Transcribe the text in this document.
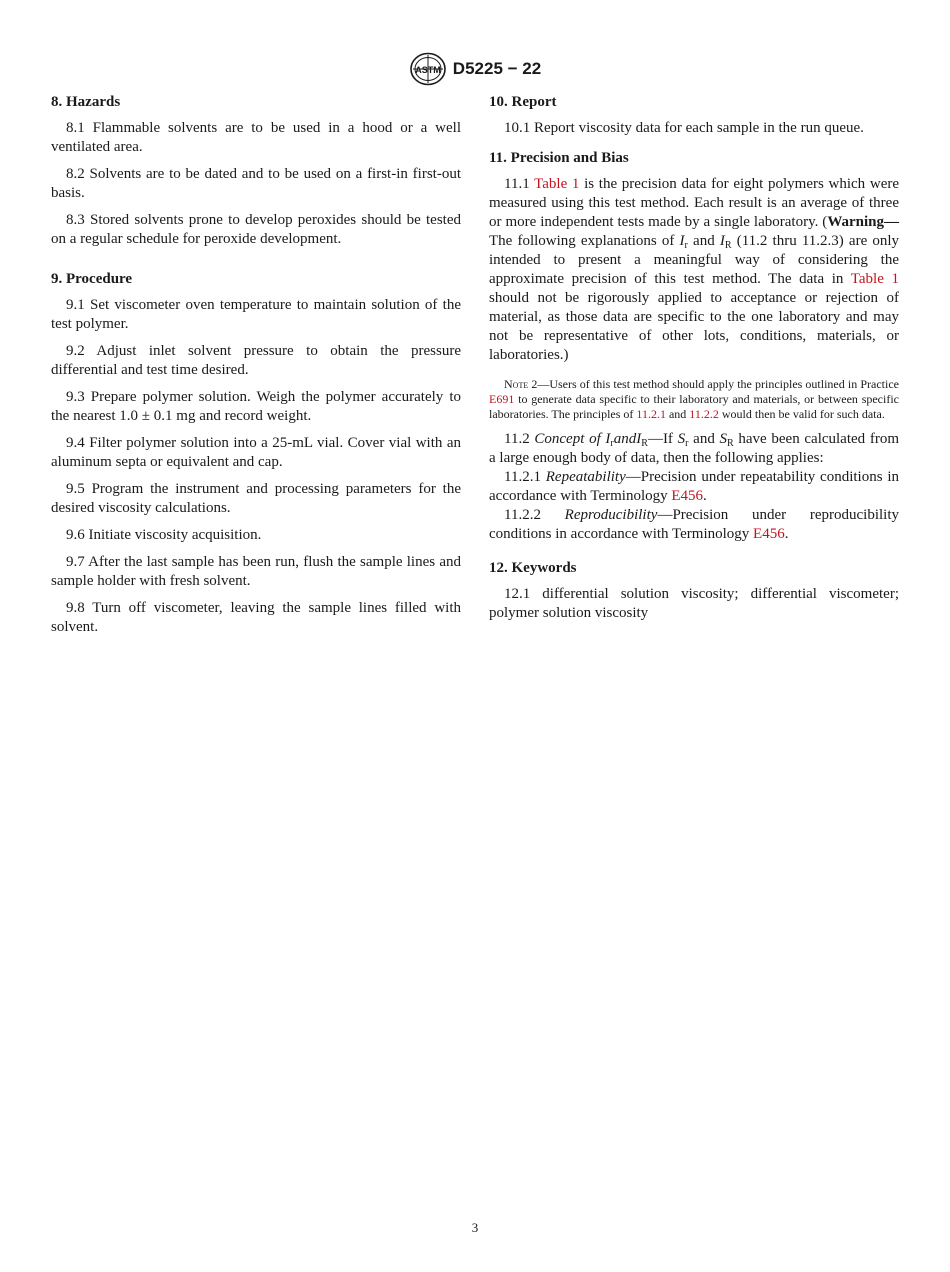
ASTM D5225 − 22
8. Hazards

8.1 Flammable solvents are to be used in a hood or a well ventilated area.

8.2 Solvents are to be dated and to be used on a first-in first-out basis.

8.3 Stored solvents prone to develop peroxides should be tested on a regular schedule for peroxide development.

9. Procedure

9.1 Set viscometer oven temperature to maintain solution of the test polymer.

9.2 Adjust inlet solvent pressure to obtain the pressure differential and test time desired.

9.3 Prepare polymer solution. Weigh the polymer accurately to the nearest 1.0 ± 0.1 mg and record weight.

9.4 Filter polymer solution into a 25-mL vial. Cover vial with an aluminum septa or equivalent and cap.

9.5 Program the instrument and processing parameters for the desired viscosity calculations.

9.6 Initiate viscosity acquisition.

9.7 After the last sample has been run, flush the sample lines and sample holder with fresh solvent.

9.8 Turn off viscometer, leaving the sample lines filled with solvent.

10. Report

10.1 Report viscosity data for each sample in the run queue.

11. Precision and Bias

11.1 Table 1 is the precision data for eight polymers which were measured using this test method. Each result is an average of three or more independent tests made by a single laboratory. (Warning—The following explanations of $I_r$ and $I_R$ (11.2 thru 11.2.3) are only intended to present a meaningful way of considering the approximate precision of this test method. The data in Table 1 should not be rigorously applied to acceptance or rejection of material, as those data are specific to the one laboratory and may not be representative of other lots, conditions, materials, or laboratories.)

Note 2—Users of this test method should apply the principles outlined in Practice E691 to generate data specific to their laboratory and materials, or between specific laboratories. The principles of 11.2.1 and 11.2.2 would then be valid for such data.

11.2 Concept of $I_randI_R—If$ $S_r$ and $S_R$ have been calculated from a large enough body of data, then the following applies:

11.2.1 Repeatability—Precision under repeatability conditions in accordance with Terminology E456.

11.2.2 Reproducibility—Precision under reproducibility conditions in accordance with Terminology E456.

12. Keywords

12.1 differential solution viscosity; differential viscometer; polymer solution viscosity

3
